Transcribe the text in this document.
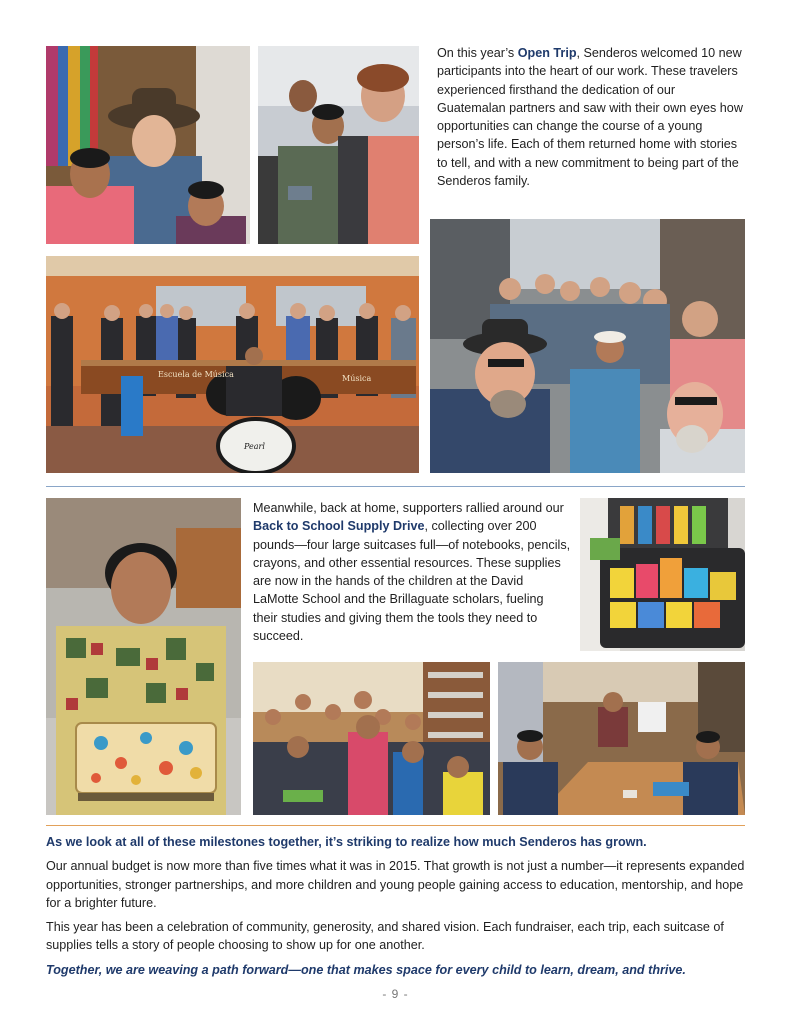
On this year’s Open Trip, Senderos welcomed 10 new participants into the heart of our work. These travelers experienced firsthand the dedication of our Guatemalan partners and saw with their own eyes how opportunities can change the course of a young person’s life. Each of them returned home with stories to tell, and with a new commitment to being part of the Senderos family.

Escuela de Música	Música
Pearl

Meanwhile, back at home, supporters rallied around our Back to School Supply Drive, collecting over 200 pounds—four large suitcases full—of notebooks, pencils, crayons, and other essential resources. These supplies are now in the hands of the children at the David LaMotte School and the Brillaguate scholars, fueling their studies and giving them the tools they need to succeed.

As we look at all of these milestones together, it’s striking to realize how much Senderos has grown.

Our annual budget is now more than five times what it was in 2015. That growth is not just a number—it represents expanded opportunities, stronger partnerships, and more children and young people gaining access to education, mentorship, and hope for a brighter future.

This year has been a celebration of community, generosity, and shared vision. Each fundraiser, each trip, each suitcase of supplies tells a story of people choosing to show up for one another.

Together, we are weaving a path forward—one that makes space for every child to learn, dream, and thrive.

- 9 -
